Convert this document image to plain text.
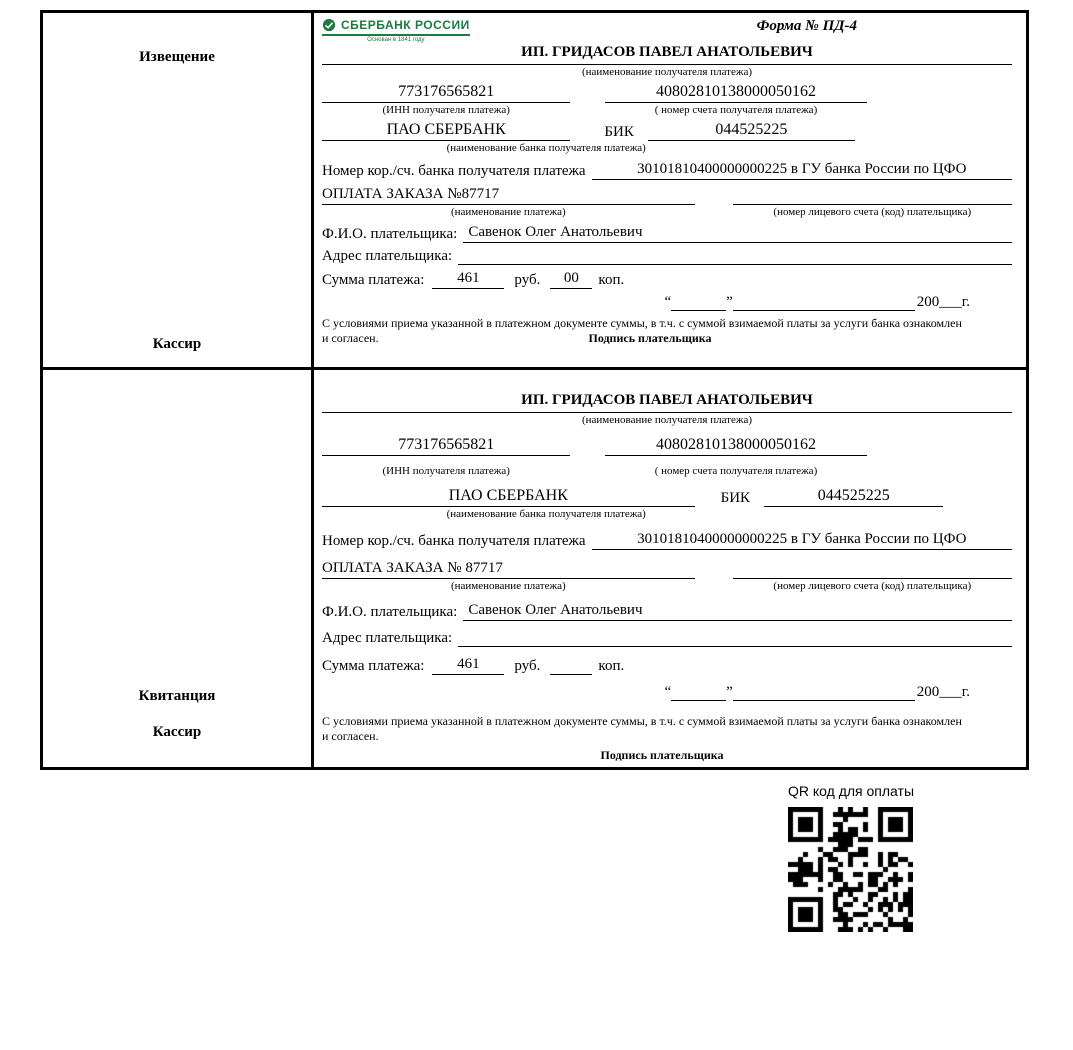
Извещение
Кассир
СБЕРБАНК РОССИИ
Основан в 1841 году
Форма № ПД-4
ИП. ГРИДАСОВ ПАВЕЛ АНАТОЛЬЕВИЧ
(наименование получателя платежа)
773176565821	40802810138000050162
(ИНН получателя платежа)	( номер счета получателя платежа)
ПАО СБЕРБАНК	БИК	044525225
(наименование банка получателя платежа)
Номер кор./сч. банка получателя платежа	30101810400000000225 в ГУ банка России по ЦФО
ОПЛАТА ЗАКАЗА №87717
(наименование платежа)	(номер лицевого счета (код) плательщика)
Ф.И.О. плательщика: Савенок Олег Анатольевич
Адрес плательщика:
Сумма платежа:	461	руб.	00	коп.
“	”	200___г.
С условиями приема указанной в платежном документе суммы, в т.ч. с суммой взимаемой платы за услуги банка ознакомлен и согласен.	Подпись плательщика
Квитанция
Кассир
ИП. ГРИДАСОВ ПАВЕЛ АНАТОЛЬЕВИЧ
(наименование получателя платежа)
773176565821	40802810138000050162
(ИНН получателя платежа)	( номер счета получателя платежа)
ПАО СБЕРБАНК	БИК	044525225
(наименование банка получателя платежа)
Номер кор./сч. банка получателя платежа	30101810400000000225 в ГУ банка России по ЦФО
ОПЛАТА ЗАКАЗА № 87717
(наименование платежа)	(номер лицевого счета (код) плательщика)
Ф.И.О. плательщика: Савенок Олег Анатольевич
Адрес плательщика:
Сумма платежа:	461	руб.	коп.
“	”	200___г.
С условиями приема указанной в платежном документе суммы, в т.ч. с суммой взимаемой платы за услуги банка ознакомлен и согласен.
Подпись плательщика
QR код для оплаты
